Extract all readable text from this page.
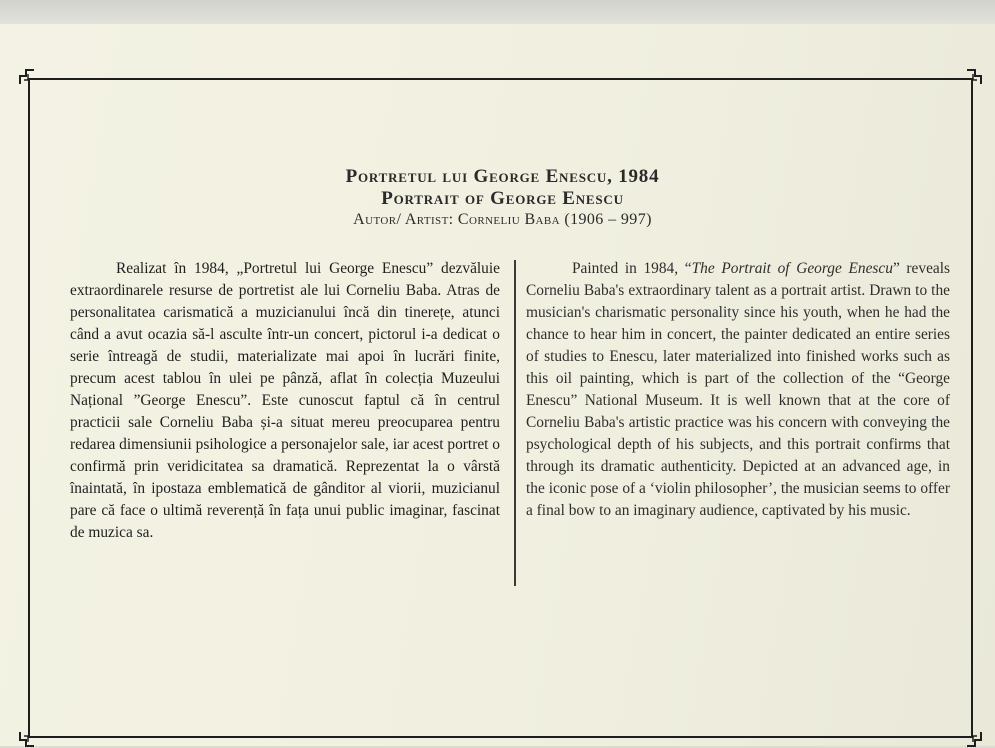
Portretul lui George Enescu, 1984
Portrait of George Enescu
Autor/ Artist: Corneliu Baba (1906 – 997)

Realizat în 1984, „Portretul lui George Enescu” dezvăluie extraordinarele resurse de portretist ale lui Corneliu Baba. Atras de personalitatea carismatică a muzicianului încă din tinerețe, atunci când a avut ocazia să-l asculte într-un concert, pictorul i-a dedicat o serie întreagă de studii, materializate mai apoi în lucrări finite, precum acest tablou în ulei pe pânză, aflat în colecția Muzeului Național ”George Enescu”. Este cunoscut faptul că în centrul practicii sale Corneliu Baba și-a situat mereu preocuparea pentru redarea dimensiunii psihologice a personajelor sale, iar acest portret o confirmă prin veridicitatea sa dramatică. Reprezentat la o vârstă înaintată, în ipostaza emblematică de gânditor al viorii, muzicianul pare că face o ultimă reverență în fața unui public imaginar, fascinat de muzica sa.

Painted in 1984, “The Portrait of George Enescu” reveals Corneliu Baba's extraordinary talent as a portrait artist. Drawn to the musician's charismatic personality since his youth, when he had the chance to hear him in concert, the painter dedicated an entire series of studies to Enescu, later materialized into finished works such as this oil painting, which is part of the collection of the “George Enescu” National Museum. It is well known that at the core of Corneliu Baba's artistic practice was his concern with conveying the psychological depth of his subjects, and this portrait confirms that through its dramatic authenticity. Depicted at an advanced age, in the iconic pose of a ‘violin philosopher’, the musician seems to offer a final bow to an imaginary audience, captivated by his music.
